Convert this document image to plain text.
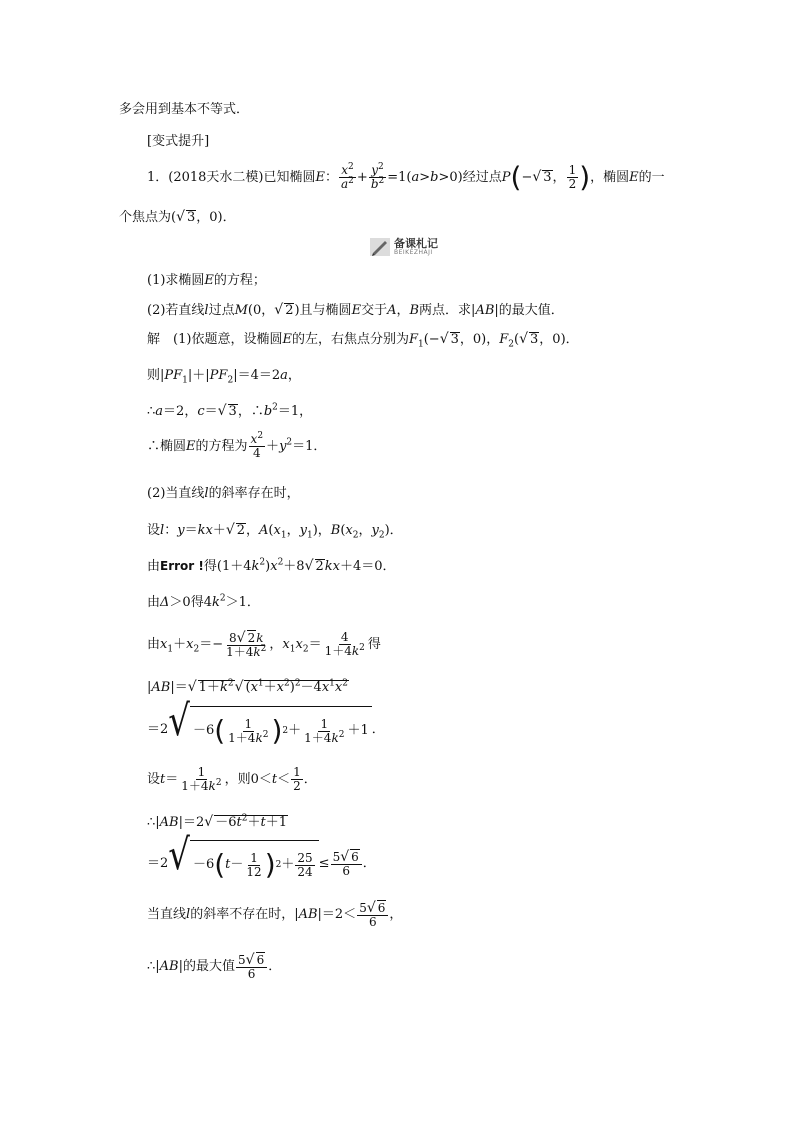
多会用到基本不等式．
[变式提升]
1．(2018天水二模)已知椭圆E： $\frac{x^2}{a^2} + \frac{y^2}{b^2} =1(a>b>0)$经过点P(−√ 3， $\frac{1}{2}$ )，椭圆E的一
个焦点为(√ 3，0)．
备课札记
BEIKEZHAJI
(1)求椭圆E的方程；
(2)若直线l过点M(0，√ 2)且与椭圆E交于A，B两点．求|AB|的最大值．
解　 (1)依题意，设椭圆E的左，右焦点分别为$F_1(-√$ 3，0)，$F_2(√$ 3，0)．
则$|PF_1|+|PF_2|=4=2a$，
∴a＝2，c＝√ 3，$\therefore b^2=1$，
∴椭圆E的方程为 $\frac{x^2}{4} +y^2=1$．
(2)当直线l的斜率存在时，
设l：y＝kx＋√ 2，$A(x_1$，$y_1$)，$B(x_2$，$y_2$)．
由Error !得$(1+4k^2)x^2+8√$ 2kx＋4＝0．
由Δ＞0得$4k^2>1$．
由$x_1+x_2=- \frac{8√ 2k}{1+4k^2}$ ，$x_1x_2= \frac{4}{1+4k^2}$ 得
|AB|＝√ $1+k^2√$ $(x^1+x^2)^2-4x^1x^2$
＝2 √ －6 ( $\frac{1}{1+4k^2}$ ) $2 + \frac{1}{1+4k^2} +1$ ．
设$t= \frac{1}{1+4k^2}$ ，则$0<t< \frac{1}{2}$ ．
∴|AB|＝2√ $-6t^2+t+1$
＝2 √ －6 ( $t - \frac{1}{12}$ ) $2 + \frac{25}{24} \le \frac{5√ 6}{6}$ ．
当直线l的斜率不存在时，$|AB|=2< \frac{5√ 6}{6}$ ，
∴|AB|的最大值 $\frac{5√ 6}{6}$ ．
